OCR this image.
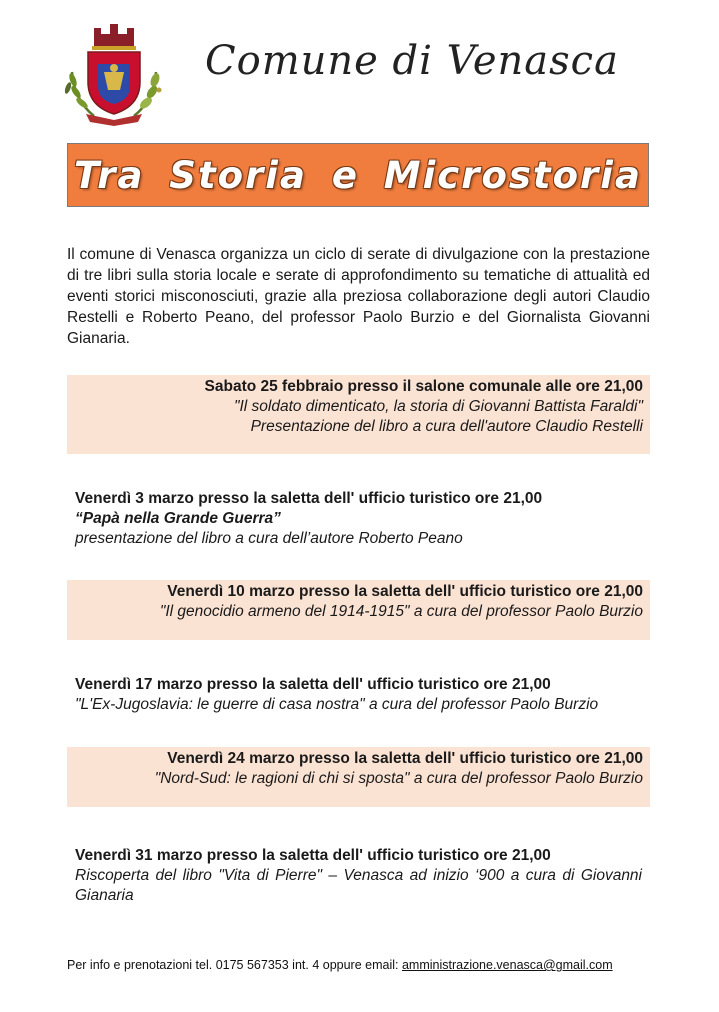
Comune di Venasca
Tra Storia e Microstoria

Il comune di Venasca organizza un ciclo di serate di divulgazione con la prestazione di tre libri sulla storia locale e serate di approfondimento su tematiche di attualità ed eventi storici misconosciuti, grazie alla preziosa collaborazione degli autori Claudio Restelli e Roberto Peano, del professor Paolo Burzio e del Giornalista Giovanni Gianaria.

Sabato 25 febbraio presso il salone comunale alle ore 21,00

"Il soldato dimenticato, la storia di Giovanni Battista Faraldi"

Presentazione del libro a cura dell'autore Claudio Restelli

Venerdì 3 marzo presso la saletta dell' ufficio turistico ore 21,00

“Papà nella Grande Guerra”

presentazione del libro a cura dell’autore Roberto Peano

Venerdì 10 marzo presso la saletta dell' ufficio turistico ore 21,00

"Il genocidio armeno del 1914-1915" a cura del professor Paolo Burzio

Venerdì 17 marzo presso la saletta dell' ufficio turistico ore 21,00

"L'Ex-Jugoslavia: le guerre di casa nostra" a cura del professor Paolo Burzio

Venerdì 24 marzo presso la saletta dell' ufficio turistico ore 21,00

"Nord-Sud: le ragioni di chi si sposta" a cura del professor Paolo Burzio

Venerdì 31 marzo presso la saletta dell' ufficio turistico ore 21,00

Riscoperta del libro "Vita di Pierre" – Venasca ad inizio ‘900 a cura di Giovanni Gianaria

Per info e prenotazioni tel. 0175 567353 int. 4 oppure email: amministrazione.venasca@gmail.com
